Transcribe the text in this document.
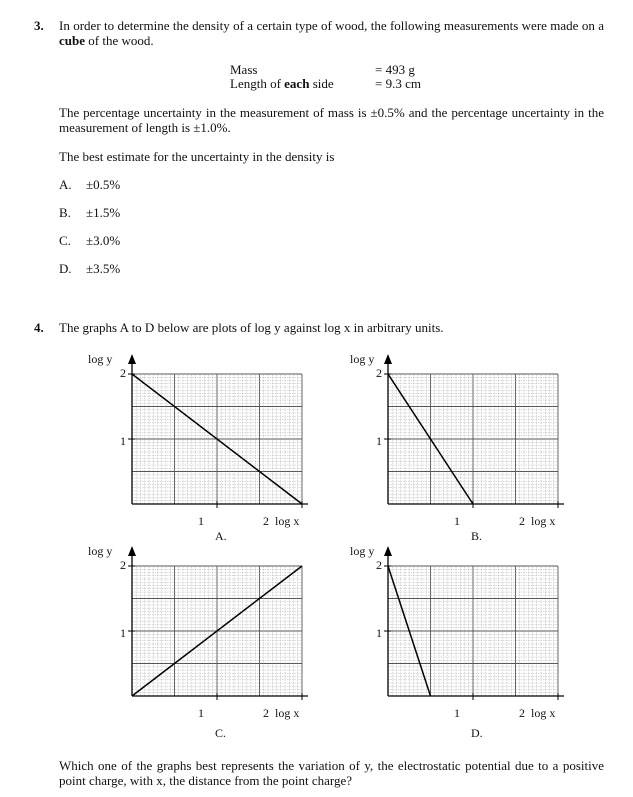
3. In order to determine the density of a certain type of wood, the following measurements were made on a cube of the wood.
Mass	= 493 g
Length of each side	= 9.3 cm
The percentage uncertainty in the measurement of mass is ±0.5% and the percentage uncertainty in the measurement of length is ±1.0%.
The best estimate for the uncertainty in the density is
A. ±0.5%
B. ±1.5%
C. ±3.0%
D. ±3.5%
4. The graphs A to D below are plots of log y against log x in arbitrary units.
log y
2
1
1	2 log x
A.
log y
2
1
1	2 log x
B.
log y
2
1
1	2 log x
C.
log y
2
1
1	2 log x
D.
Which one of the graphs best represents the variation of y, the electrostatic potential due to a positive point charge, with x, the distance from the point charge?
